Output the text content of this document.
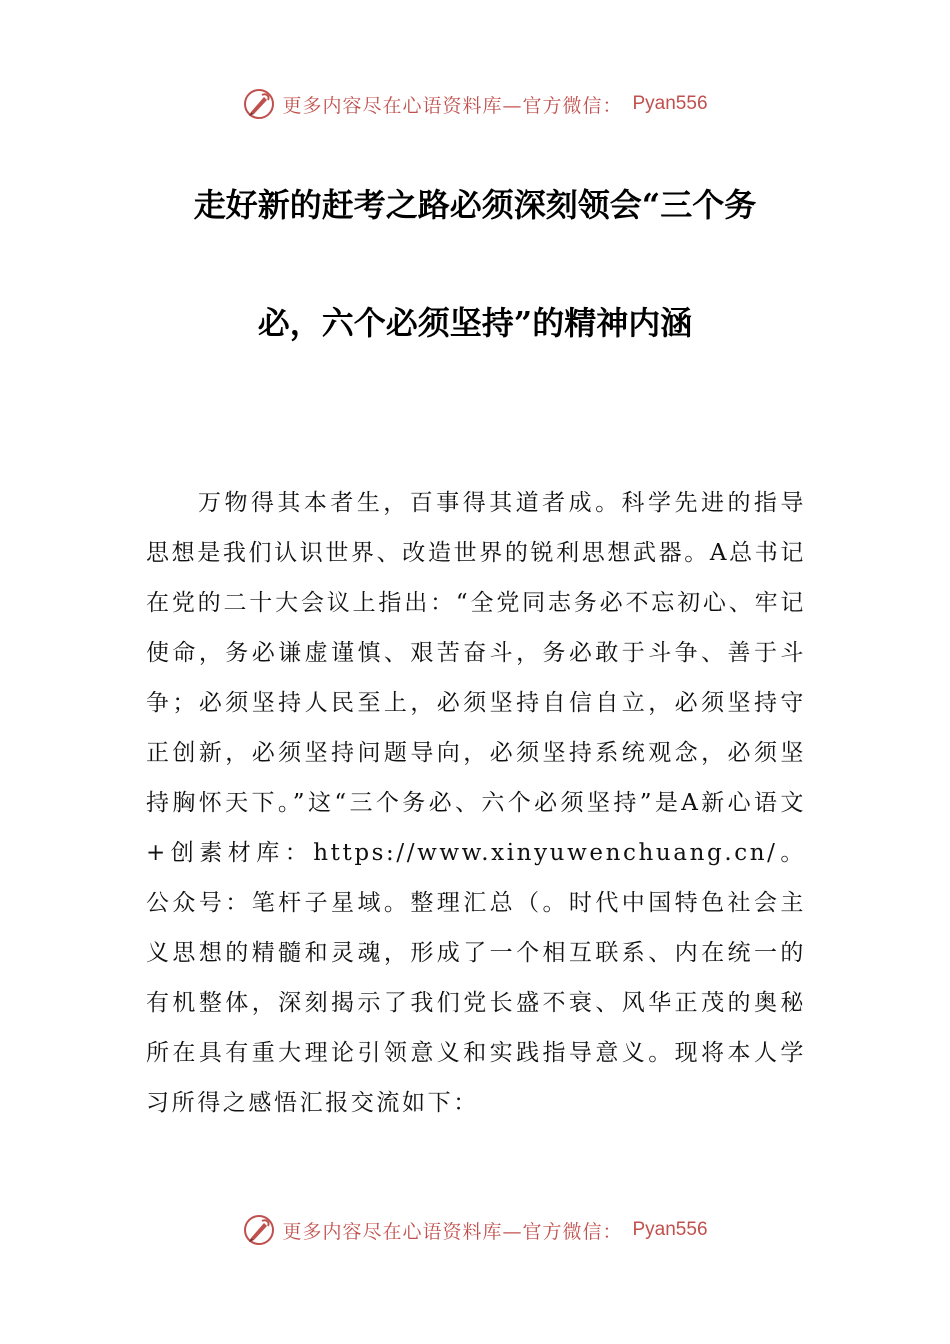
更多内容尽在心语资料库—官方微信： Pyan556
走好新的赶考之路必须深刻领会“三个务
必，六个必须坚持”的精神内涵

万物得其本者生，百事得其道者成。科学先进的指导思想是我们认识世界、改造世界的锐利思想武器。A总书记在党的二十大会议上指出：“全党同志务必不忘初心、牢记使命，务必谦虚谨慎、艰苦奋斗，务必敢于斗争、善于斗争；必须坚持人民至上，必须坚持自信自立，必须坚持守正创新，必须坚持问题导向，必须坚持系统观念，必须坚持胸怀天下。”这“三个务必、六个必须坚持”是A新心语文+创素材库：https://www.xinyuwenchuang.cn/。公众号：笔杆子星域。整理汇总（。时代中国特色社会主义思想的精髓和灵魂，形成了一个相互联系、内在统一的有机整体，深刻揭示了我们党长盛不衰、风华正茂的奥秘所在具有重大理论引领意义和实践指导意义。现将本人学习所得之感悟汇报交流如下：

更多内容尽在心语资料库—官方微信： Pyan556
